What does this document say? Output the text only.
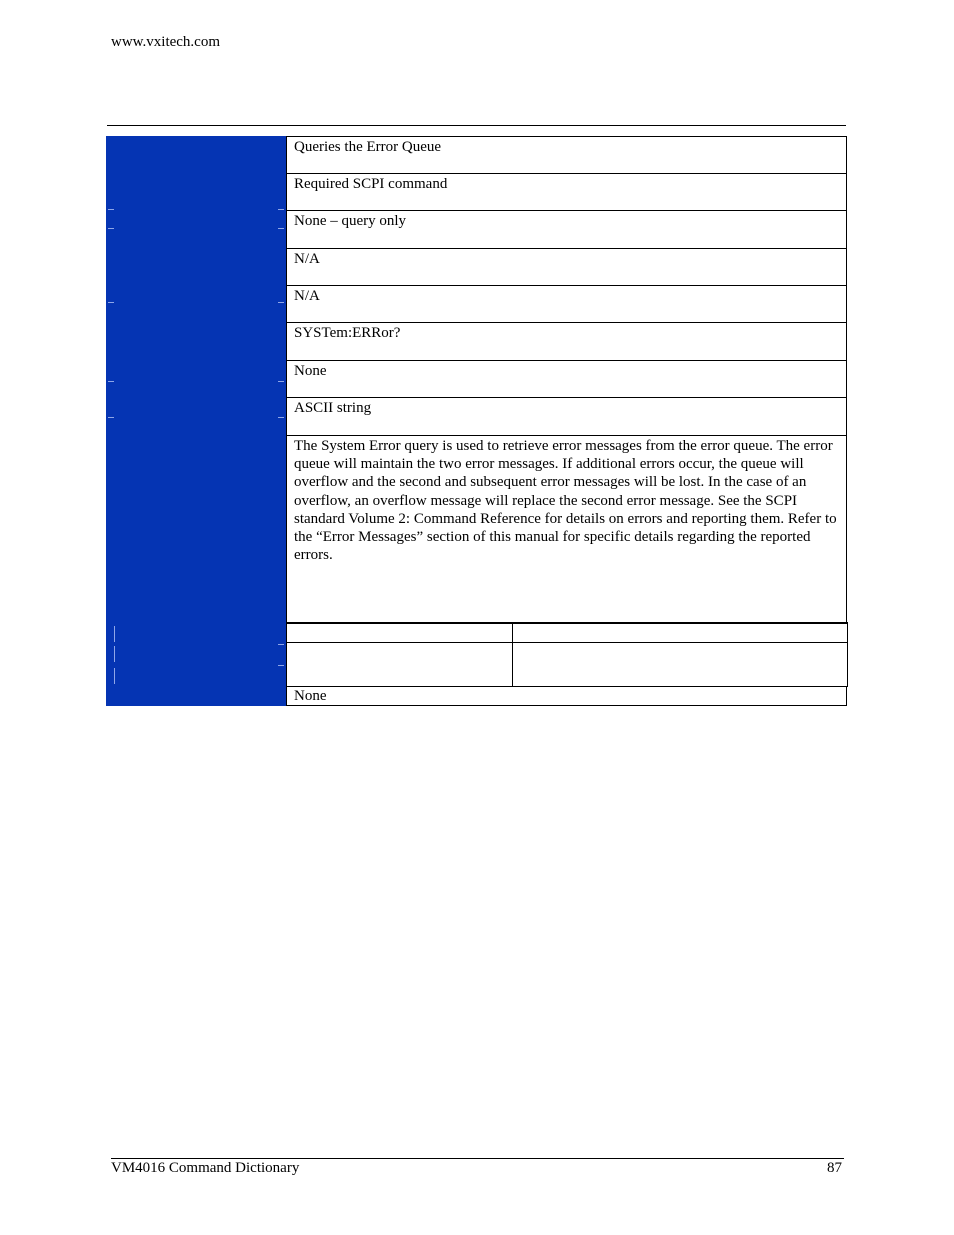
www.vxitech.com
Queries the Error Queue
Required SCPI command
None – query only
N/A
N/A
SYSTem:ERRor?
None
ASCII string
The System Error query is used to retrieve error messages from the error queue. The error queue will maintain the two error messages. If additional errors occur, the queue will overflow and the second and subsequent error messages will be lost. In the case of an overflow, an overflow message will replace the second error message. See the SCPI standard Volume 2: Command Reference for details on errors and reporting them. Refer to the “Error Messages” section of this manual for specific details regarding the reported errors.
None
VM4016 Command Dictionary	87
